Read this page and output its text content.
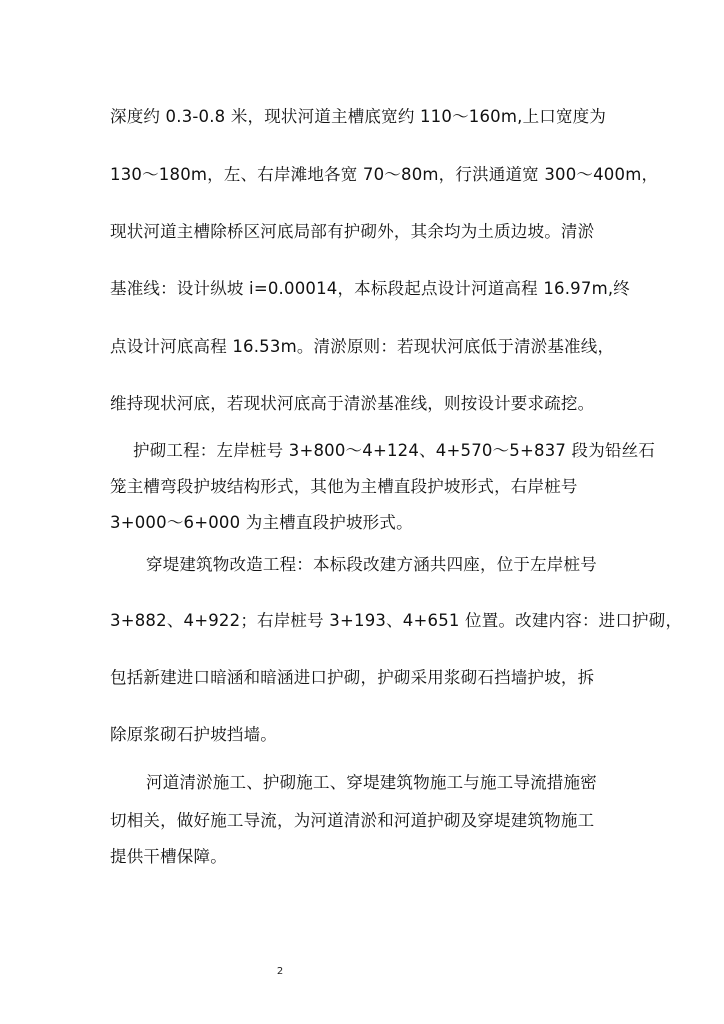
深度约 0.3-0.8 米，现状河道主槽底宽约 110～160m,上口宽度为
130～180m，左、右岸滩地各宽 70～80m，行洪通道宽 300～400m，
现状河道主槽除桥区河底局部有护砌外，其余均为土质边坡。清淤
基准线：设计纵坡 i=0.00014，本标段起点设计河道高程 16.97m,终
点设计河底高程 16.53m。清淤原则：若现状河底低于清淤基准线，
维持现状河底，若现状河底高于清淤基准线，则按设计要求疏挖。
护砌工程：左岸桩号 3+800～4+124、4+570～5+837 段为铅丝石
笼主槽弯段护坡结构形式，其他为主槽直段护坡形式，右岸桩号
3+000～6+000 为主槽直段护坡形式。
穿堤建筑物改造工程：本标段改建方涵共四座，位于左岸桩号
3+882、4+922；右岸桩号 3+193、4+651 位置。改建内容：进口护砌，
包括新建进口暗涵和暗涵进口护砌，护砌采用浆砌石挡墙护坡，拆
除原浆砌石护坡挡墙。
河道清淤施工、护砌施工、穿堤建筑物施工与施工导流措施密
切相关，做好施工导流，为河道清淤和河道护砌及穿堤建筑物施工
提供干槽保障。
2
